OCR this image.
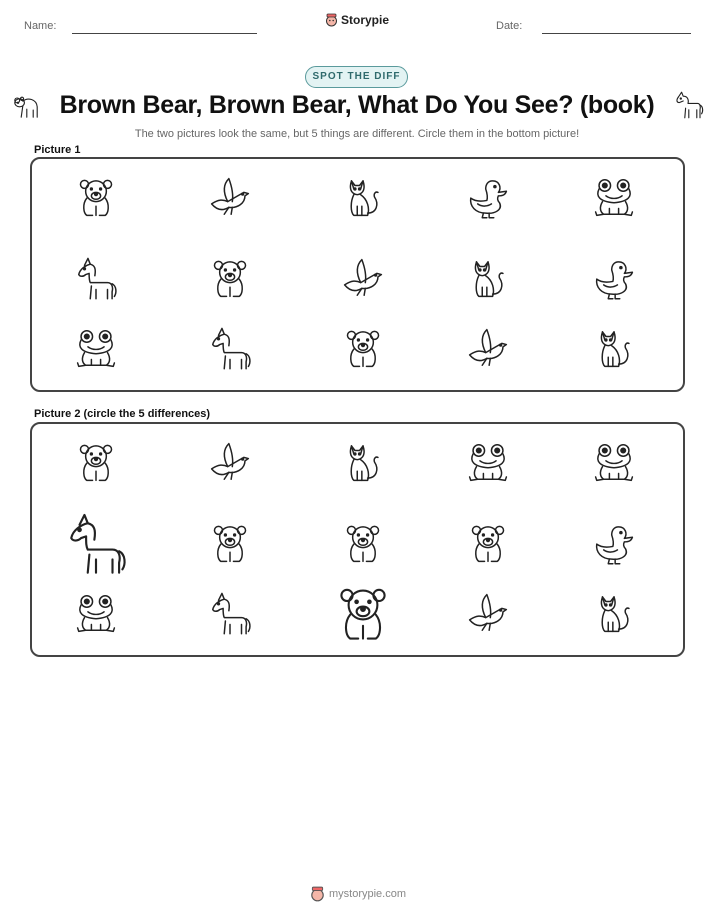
Name:	Storypie	Date:
SPOT THE DIFF
Brown Bear, Brown Bear, What Do You See? (book)
The two pictures look the same, but 5 things are different. Circle them in the bottom picture!
Picture 1
Picture 2 (circle the 5 differences)
mystorypie.com
